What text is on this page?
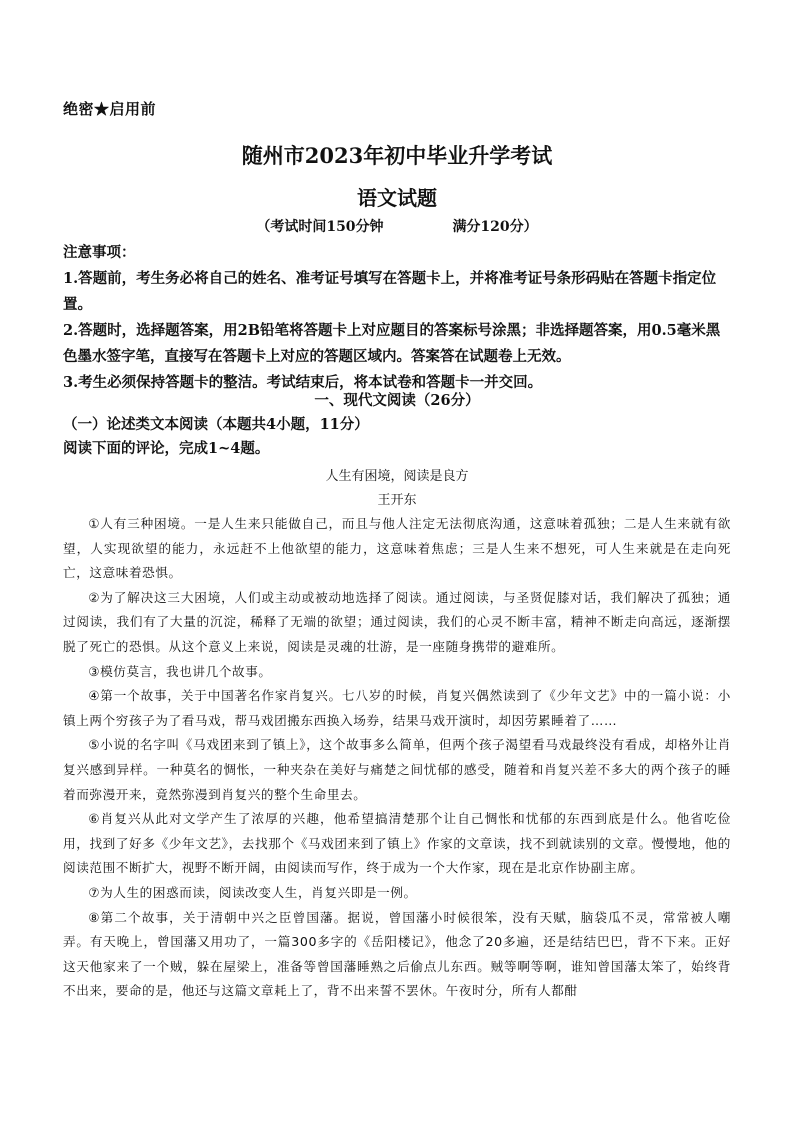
绝密★启用前
随州市2023年初中毕业升学考试
语文试题
（考试时间150分钟	满分120分）

注意事项：

1.答题前，考生务必将自己的姓名、准考证号填写在答题卡上，并将准考证号条形码贴在答题卡指定位置。

2.答题时，选择题答案，用2B铅笔将答题卡上对应题目的答案标号涂黑；非选择题答案，用0.5毫米黑色墨水签字笔，直接写在答题卡上对应的答题区域内。答案答在试题卷上无效。

3.考生必须保持答题卡的整洁。考试结束后，将本试卷和答题卡一并交回。

一、现代文阅读（26分）
（一）论述类文本阅读（本题共4小题，11分）
阅读下面的评论，完成1~4题。
人生有困境，阅读是良方
王开东

①人有三种困境。一是人生来只能做自己，而且与他人注定无法彻底沟通，这意味着孤独；二是人生来就有欲望，人实现欲望的能力，永远赶不上他欲望的能力，这意味着焦虑；三是人生来不想死，可人生来就是在走向死亡，这意味着恐惧。

②为了解决这三大困境，人们或主动或被动地选择了阅读。通过阅读，与圣贤促膝对话，我们解决了孤独；通过阅读，我们有了大量的沉淀，稀释了无端的欲望；通过阅读，我们的心灵不断丰富，精神不断走向高远，逐渐摆脱了死亡的恐惧。从这个意义上来说，阅读是灵魂的壮游，是一座随身携带的避难所。

③模仿莫言，我也讲几个故事。

④第一个故事，关于中国著名作家肖复兴。七八岁的时候，肖复兴偶然读到了《少年文艺》中的一篇小说：小镇上两个穷孩子为了看马戏，帮马戏团搬东西换入场券，结果马戏开演时，却因劳累睡着了……

⑤小说的名字叫《马戏团来到了镇上》，这个故事多么简单，但两个孩子渴望看马戏最终没有看成，却格外让肖复兴感到异样。一种莫名的惆怅，一种夹杂在美好与痛楚之间忧郁的感受，随着和肖复兴差不多大的两个孩子的睡着而弥漫开来，竟然弥漫到肖复兴的整个生命里去。

⑥肖复兴从此对文学产生了浓厚的兴趣，他希望搞清楚那个让自己惆怅和忧郁的东西到底是什么。他省吃俭用，找到了好多《少年文艺》，去找那个《马戏团来到了镇上》作家的文章读，找不到就读别的文章。慢慢地，他的阅读范围不断扩大，视野不断开阔，由阅读而写作，终于成为一个大作家，现在是北京作协副主席。

⑦为人生的困惑而读，阅读改变人生，肖复兴即是一例。

⑧第二个故事，关于清朝中兴之臣曾国藩。据说，曾国藩小时候很笨，没有天赋，脑袋瓜不灵，常常被人嘲弄。有天晚上，曾国藩又用功了，一篇300多字的《岳阳楼记》，他念了20多遍，还是结结巴巴，背不下来。正好这天他家来了一个贼，躲在屋梁上，准备等曾国藩睡熟之后偷点儿东西。贼等啊等啊，谁知曾国藩太笨了，始终背不出来，要命的是，他还与这篇文章耗上了，背不出来誓不罢休。午夜时分，所有人都酣
